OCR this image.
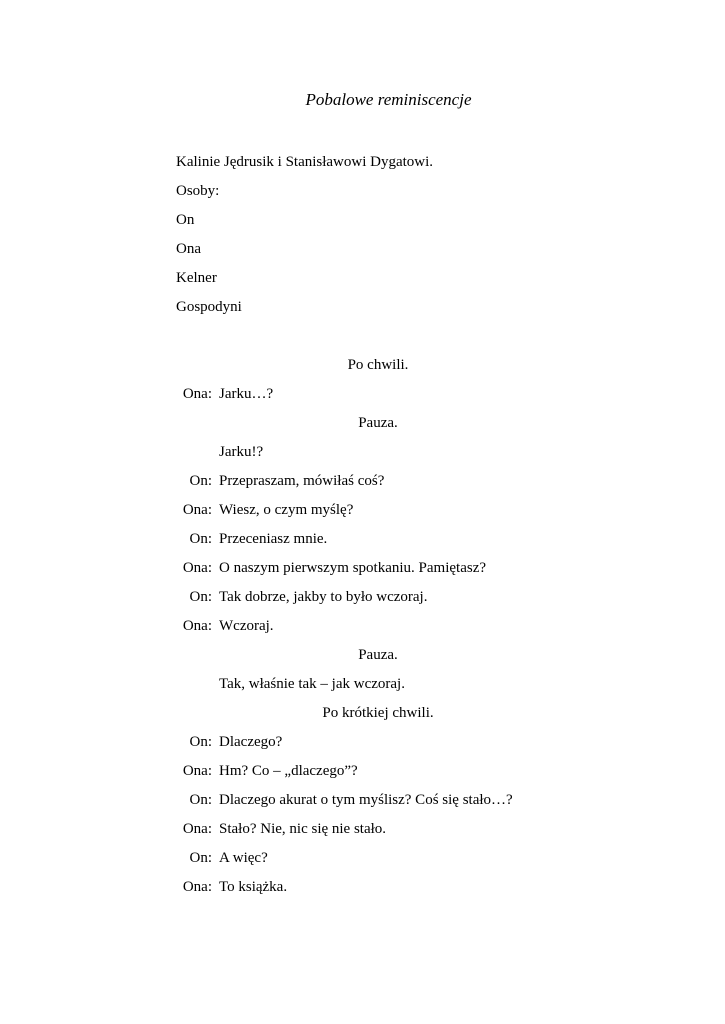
Pobalowe reminiscencje
Kalinie Jędrusik i Stanisławowi Dygatowi.
Osoby:
On
Ona
Kelner
Gospodyni
Po chwili.
Ona: Jarku…?
Pauza.
Jarku!?
On: Przepraszam, mówiłaś coś?
Ona: Wiesz, o czym myślę?
On: Przeceniasz mnie.
Ona: O naszym pierwszym spotkaniu. Pamiętasz?
On: Tak dobrze, jakby to było wczoraj.
Ona: Wczoraj.
Pauza.
Tak, właśnie tak – jak wczoraj.
Po krótkiej chwili.
On: Dlaczego?
Ona: Hm? Co – „dlaczego”?
On: Dlaczego akurat o tym myślisz? Coś się stało…?
Ona: Stało? Nie, nic się nie stało.
On: A więc?
Ona: To książka.
